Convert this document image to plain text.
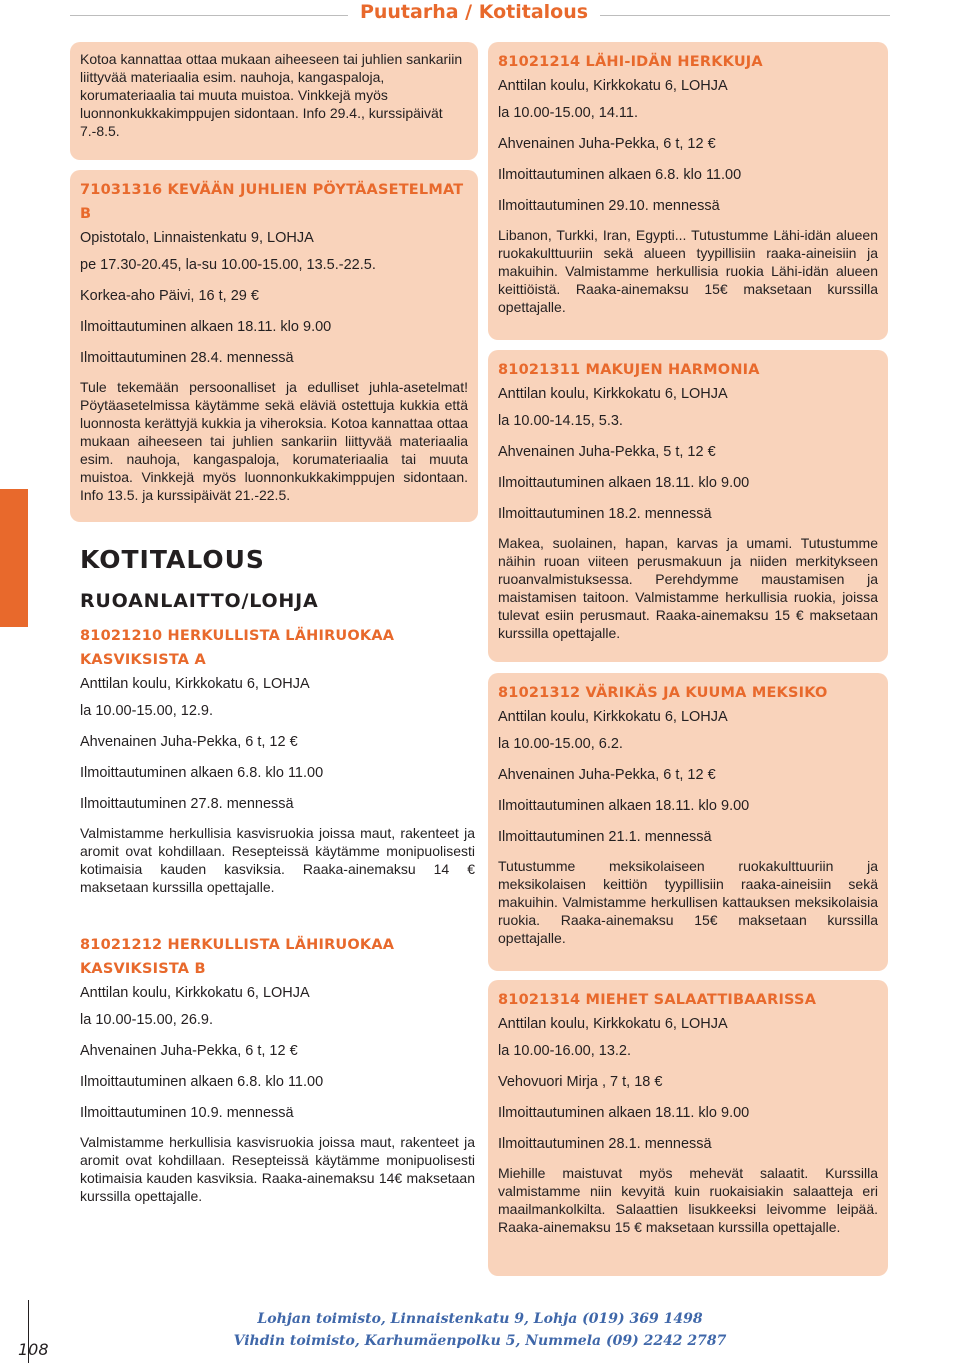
Puutarha / Kotitalous
Kotoa kannattaa ottaa mukaan aiheeseen tai juhlien sankariin liittyvää materiaalia esim. nauhoja, kangaspaloja, korumateriaalia tai muuta muistoa. Vinkkejä myös luonnonkukkakimppujen sidontaan. Info 29.4., kurssipäivät 7.-8.5.
71031316 KEVÄÄN JUHLIEN PÖYTÄASETELMAT B
Opistotalo, Linnaistenkatu 9, LOHJA
pe 17.30-20.45, la-su 10.00-15.00, 13.5.-22.5.
Korkea-aho Päivi, 16 t, 29 €
Ilmoittautuminen alkaen 18.11. klo 9.00
Ilmoittautuminen 28.4. mennessä
Tule tekemään persoonalliset ja edulliset juhla-asetelmat! Pöytäasetelmissa käytämme sekä eläviä ostettuja kukkia että luonnosta kerättyjä kukkia ja viheroksia. Kotoa kannattaa ottaa mukaan aiheeseen tai juhlien sankariin liittyvää materiaalia esim. nauhoja, kangaspaloja, korumateriaalia tai muuta muistoa. Vinkkejä myös luonnonkukkakimppujen sidontaan. Info 13.5. ja kurssipäivät 21.-22.5.
KOTITALOUS
RUOANLAITTO/LOHJA
81021210 HERKULLISTA LÄHIRUOKAA
KASVIKSISTA A
Anttilan koulu, Kirkkokatu 6, LOHJA
la 10.00-15.00, 12.9.
Ahvenainen Juha-Pekka, 6 t, 12 €
Ilmoittautuminen alkaen 6.8. klo 11.00
Ilmoittautuminen 27.8. mennessä
Valmistamme herkullisia kasvisruokia joissa maut, rakenteet ja aromit ovat kohdillaan. Resepteissä käytämme monipuolisesti kotimaisia kauden kasviksia. Raaka-ainemaksu 14 € maksetaan kurssilla opettajalle.
81021212 HERKULLISTA LÄHIRUOKAA
KASVIKSISTA B
Anttilan koulu, Kirkkokatu 6, LOHJA
la 10.00-15.00, 26.9.
Ahvenainen Juha-Pekka, 6 t, 12 €
Ilmoittautuminen alkaen 6.8. klo 11.00
Ilmoittautuminen 10.9. mennessä
Valmistamme herkullisia kasvisruokia joissa maut, rakenteet ja aromit ovat kohdillaan. Resepteissä käytämme monipuolisesti kotimaisia kauden kasviksia. Raaka-ainemaksu 14€ maksetaan kurssilla opettajalle.
81021214 LÄHI-IDÄN HERKKUJA
Anttilan koulu, Kirkkokatu 6, LOHJA
la 10.00-15.00, 14.11.
Ahvenainen Juha-Pekka, 6 t, 12 €
Ilmoittautuminen alkaen 6.8. klo 11.00
Ilmoittautuminen 29.10. mennessä
Libanon, Turkki, Iran, Egypti... Tutustumme Lähi-idän alueen ruokakulttuuriin sekä alueen tyypillisiin raaka-aineisiin ja makuihin. Valmistamme herkullisia ruokia Lähi-idän alueen keittiöistä. Raaka-ainemaksu 15€ maksetaan kurssilla opettajalle.
81021311 MAKUJEN HARMONIA
Anttilan koulu, Kirkkokatu 6, LOHJA
la 10.00-14.15, 5.3.
Ahvenainen Juha-Pekka, 5 t, 12 €
Ilmoittautuminen alkaen 18.11. klo 9.00
Ilmoittautuminen 18.2. mennessä
Makea, suolainen, hapan, karvas ja umami. Tutustumme näihin ruoan viiteen perusmakuun ja niiden merkitykseen ruoanvalmistuksessa. Perehdymme maustamisen ja maistamisen taitoon. Valmistamme herkullisia ruokia, joissa tulevat esiin perusmaut. Raaka-ainemaksu 15 € maksetaan kurssilla opettajalle.
81021312 VÄRIKÄS JA KUUMA MEKSIKO
Anttilan koulu, Kirkkokatu 6, LOHJA
la 10.00-15.00, 6.2.
Ahvenainen Juha-Pekka, 6 t, 12 €
Ilmoittautuminen alkaen 18.11. klo 9.00
Ilmoittautuminen 21.1. mennessä
Tutustumme meksikolaiseen ruokakulttuuriin ja meksikolaisen keittiön tyypillisiin raaka-aineisiin sekä makuihin. Valmistamme herkullisen kattauksen meksikolaisia ruokia. Raaka-ainemaksu 15€ maksetaan kurssilla opettajalle.
81021314 MIEHET SALAATTIBAARISSA
Anttilan koulu, Kirkkokatu 6, LOHJA
la 10.00-16.00, 13.2.
Vehovuori Mirja , 7 t, 18 €
Ilmoittautuminen alkaen 18.11. klo 9.00
Ilmoittautuminen 28.1. mennessä
Miehille maistuvat myös mehevät salaatit. Kurssilla valmistamme niin kevyitä kuin ruokaisiakin salaatteja eri maailmankolkilta. Salaattien lisukkeeksi leivomme leipää. Raaka-ainemaksu 15 € maksetaan kurssilla opettajalle.
Lohjan toimisto, Linnaistenkatu 9, Lohja (019) 369 1498
Vihdin toimisto, Karhumäenpolku 5, Nummela (09) 2242 2787
108
